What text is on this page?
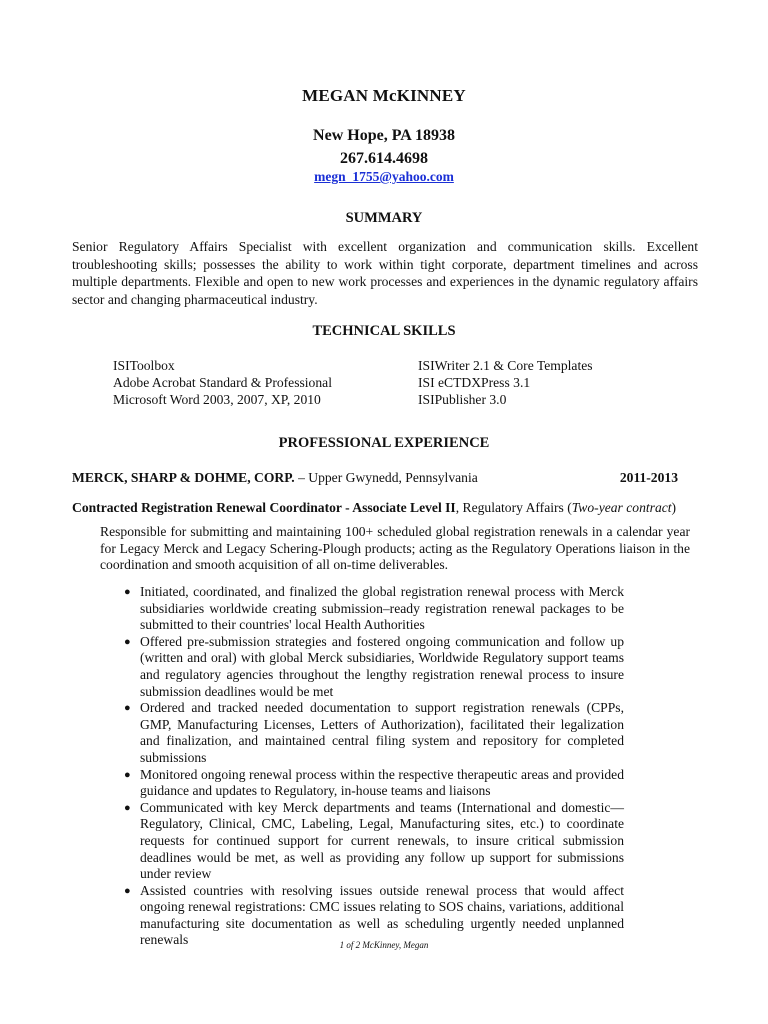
MEGAN McKINNEY
New Hope, PA 18938
267.614.4698
megn_1755@yahoo.com
SUMMARY
Senior Regulatory Affairs Specialist with excellent organization and communication skills. Excellent troubleshooting skills; possesses the ability to work within tight corporate, department timelines and across multiple departments. Flexible and open to new work processes and experiences in the dynamic regulatory affairs sector and changing pharmaceutical industry.
TECHNICAL SKILLS
ISIToolbox
Adobe Acrobat Standard & Professional
Microsoft Word 2003, 2007, XP, 2010
ISIWriter 2.1 & Core Templates
ISI eCTDXPress 3.1
ISIPublisher 3.0
PROFESSIONAL EXPERIENCE
MERCK, SHARP & DOHME, CORP. – Upper Gwynedd, Pennsylvania	2011-2013
Contracted Registration Renewal Coordinator - Associate Level II, Regulatory Affairs (Two-year contract)
Responsible for submitting and maintaining 100+ scheduled global registration renewals in a calendar year for Legacy Merck and Legacy Schering-Plough products; acting as the Regulatory Operations liaison in the coordination and smooth acquisition of all on-time deliverables.
● Initiated, coordinated, and finalized the global registration renewal process with Merck subsidiaries worldwide creating submission–ready registration renewal packages to be submitted to their countries' local Health Authorities
● Offered pre-submission strategies and fostered ongoing communication and follow up (written and oral) with global Merck subsidiaries, Worldwide Regulatory support teams and regulatory agencies throughout the lengthy registration renewal process to insure submission deadlines would be met
● Ordered and tracked needed documentation to support registration renewals (CPPs, GMP, Manufacturing Licenses, Letters of Authorization), facilitated their legalization and finalization, and maintained central filing system and repository for completed submissions
● Monitored ongoing renewal process within the respective therapeutic areas and provided guidance and updates to Regulatory, in-house teams and liaisons
● Communicated with key Merck departments and teams (International and domestic—Regulatory, Clinical, CMC, Labeling, Legal, Manufacturing sites, etc.) to coordinate requests for continued support for current renewals, to insure critical submission deadlines would be met, as well as providing any follow up support for submissions under review
● Assisted countries with resolving issues outside renewal process that would affect ongoing renewal registrations: CMC issues relating to SOS chains, variations, additional manufacturing site documentation as well as scheduling urgently needed unplanned renewals	1 of 2 McKinney, Megan
